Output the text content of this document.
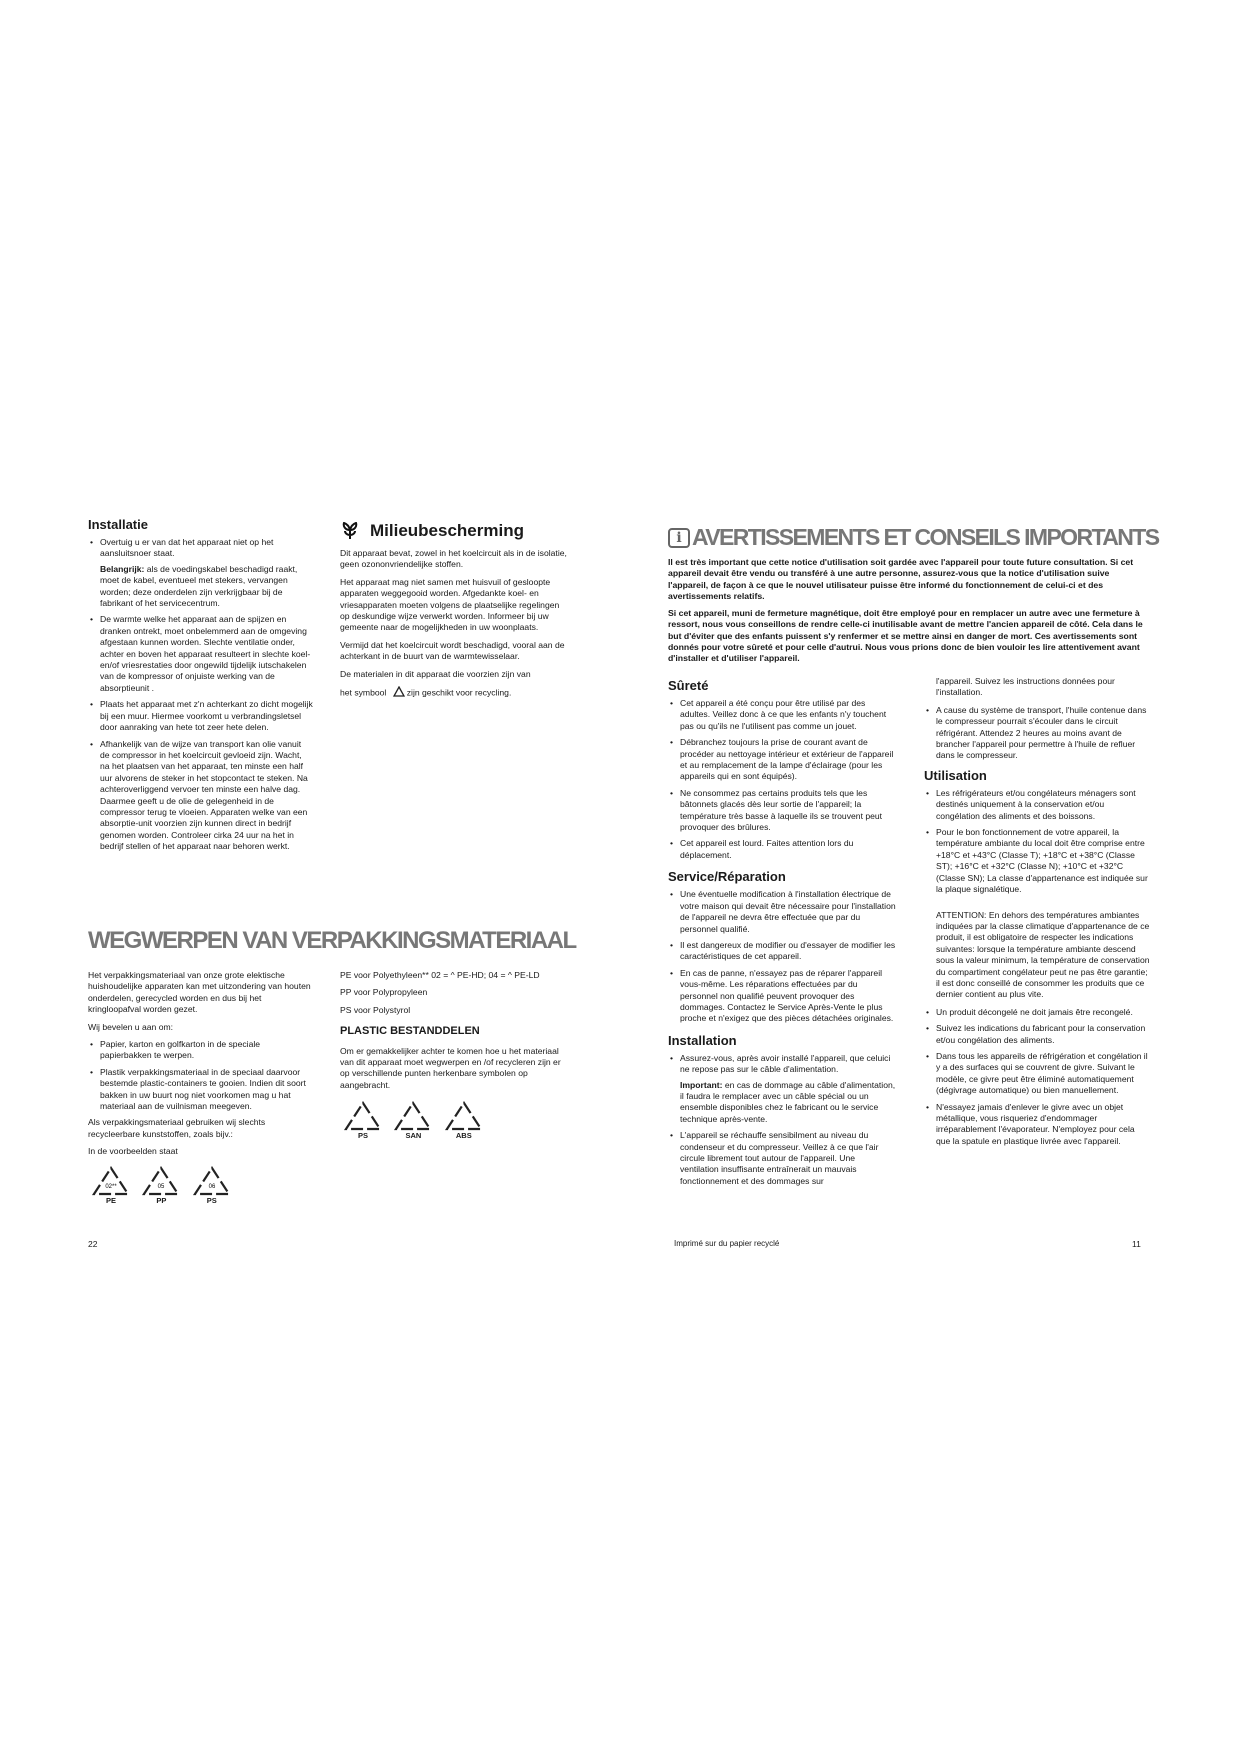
Installatie
• Overtuig u er van dat het apparaat niet op het aansluitsnoer staat.
Belangrijk: als de voedingskabel beschadigd raakt, moet de kabel, eventueel met stekers, vervangen worden; deze onderdelen zijn verkrijgbaar bij de fabrikant of het servicecentrum.
• De warmte welke het apparaat aan de spijzen en dranken ontrekt, moet onbelemmerd aan de omgeving afgestaan kunnen worden. Slechte ventilatie onder, achter en boven het apparaat resulteert in slechte koel-en/of vriesrestaties door ongewild tijdelijk iutschakelen van de kompressor of onjuiste werking van de absorptieunit .
• Plaats het apparaat met z'n achterkant zo dicht mogelijk bij een muur. Hiermee voorkomt u verbrandingsletsel door aanraking van hete tot zeer hete delen.
• Afhankelijk van de wijze van transport kan olie vanuit de compressor in het koelcircuit gevloeid zijn. Wacht, na het plaatsen van het apparaat, ten minste een half uur alvorens de steker in het stopcontact te steken. Na achteroverliggend vervoer ten minste een halve dag. Daarmee geeft u de olie de gelegenheid in de compressor terug te vloeien. Apparaten welke van een absorptie-unit voorzien zijn kunnen direct in bedrijf genomen worden. Controleer cirka 24 uur na het in bedrijf stellen of het apparaat naar behoren werkt.
Milieubescherming

Dit apparaat bevat, zowel in het koelcircuit als in de isolatie, geen ozononvriendelijke stoffen.

Het apparaat mag niet samen met huisvuil of gesloopte apparaten weggegooid worden. Afgedankte koel- en vriesapparaten moeten volgens de plaatselijke regelingen op deskundige wijze verwerkt worden. Informeer bij uw gemeente naar de mogelijkheden in uw woonplaats.

Vermijd dat het koelcircuit wordt beschadigd, vooral aan de achterkant in de buurt van de warmtewisselaar.

De materialen in dit apparaat die voorzien zijn van

het symbool zijn geschikt voor recycling.

WEGWERPEN VAN VERPAKKINGSMATERIAAL

Het verpakkingsmateriaal van onze grote elektische huishoudelijke apparaten kan met uitzondering van houten onderdelen, gerecycled worden en dus bij het kringloopafval worden gezet.

Wij bevelen u aan om:

• Papier, karton en golfkarton in de speciale papierbakken te werpen.
• Plastik verpakkingsmateriaal in de speciaal daarvoor bestemde plastic-containers te gooien. Indien dit soort bakken in uw buurt nog niet voorkomen mag u hat materiaal aan de vuilnisman meegeven.

Als verpakkingsmateriaal gebruiken wij slechts recycleerbare kunststoffen, zoals bijv.:

In de voorbeelden staat

02**
PE

05
PP

06
PS

PE voor Polyethyleen** 02 = ^ PE-HD; 04 = ^ PE-LD

PP voor Polypropyleen

PS voor Polystyrol

PLASTIC BESTANDDELEN

Om er gemakkelijker achter te komen hoe u het materiaal van dit apparaat moet wegwerpen en /of recycleren zijn er op verschillende punten herkenbare symbolen op aangebracht.

PS
	SAN
	ABS
22
i AVERTISSEMENTS ET CONSEILS IMPORTANTS

Il est très important que cette notice d'utilisation soit gardée avec l'appareil pour toute future consultation. Si cet appareil devait être vendu ou transféré à une autre personne, assurez-vous que la notice d'utilisation suive l'appareil, de façon à ce que le nouvel utilisateur puisse être informé du fonctionnement de celui-ci et des avertissements relatifs.

Si cet appareil, muni de fermeture magnétique, doit être employé pour en remplacer un autre avec une fermeture à ressort, nous vous conseillons de rendre celle-ci inutilisable avant de mettre l'ancien appareil de côté. Cela dans le but d'éviter que des enfants puissent s'y renfermer et se mettre ainsi en danger de mort. Ces avertissements sont donnés pour votre sûreté et pour celle d'autrui. Nous vous prions donc de bien vouloir les lire attentivement avant d'installer et d'utiliser l'appareil.

Sûreté
• Cet appareil a été conçu pour être utilisé par des adultes. Veillez donc à ce que les enfants n'y touchent pas ou qu'ils ne l'utilisent pas comme un jouet.
• Débranchez toujours la prise de courant avant de procéder au nettoyage intérieur et extérieur de l'appareil et au remplacement de la lampe d'éclairage (pour les appareils qui en sont équipés).
• Ne consommez pas certains produits tels que les bâtonnets glacés dès leur sortie de l'appareil; la température très basse à laquelle ils se trouvent peut provoquer des brûlures.
• Cet appareil est lourd. Faites attention lors du déplacement.
Service/Réparation
• Une éventuelle modification à l'installation électrique de votre maison qui devait être nécessaire pour l'installation de l'appareil ne devra être effectuée que par du personnel qualifié.
• Il est dangereux de modifier ou d'essayer de modifier les caractéristiques de cet appareil.
• En cas de panne, n'essayez pas de réparer l'appareil vous-même. Les réparations effectuées par du personnel non qualifié peuvent provoquer des dommages. Contactez le Service Après-Vente le plus proche et n'exigez que des pièces détachées originales.
Installation
• Assurez-vous, après avoir installé l'appareil, que celuici ne repose pas sur le câble d'alimentation.
Important: en cas de dommage au câble d'alimentation, il faudra le remplacer avec un câble spécial ou un ensemble disponibles chez le fabricant ou le service technique après-vente.
• L'appareil se réchauffe sensibilment au niveau du condenseur et du compresseur. Veillez à ce que l'air circule librement tout autour de l'appareil. Une ventilation insuffisante entraînerait un mauvais fonctionnement et des dommages sur

l'appareil. Suivez les instructions données pour l'installation.

• A cause du système de transport, l'huile contenue dans le compresseur pourrait s'écouler dans le circuit réfrigérant. Attendez 2 heures au moins avant de brancher l'appareil pour permettre à l'huile de refluer dans le compresseur.
Utilisation
• Les réfrigérateurs et/ou congélateurs ménagers sont destinés uniquement à la conservation et/ou congélation des aliments et des boissons.
• Pour le bon fonctionnement de votre appareil, la température ambiante du local doit être comprise entre +18°C et +43°C (Classe T); +18°C et +38°C (Classe ST); +16°C et +32°C (Classe N); +10°C et +32°C (Classe SN); La classe d'appartenance est indiquée sur la plaque signalétique.

ATTENTION: En dehors des températures ambiantes indiquées par la classe climatique d'appartenance de ce produit, il est obligatoire de respecter les indications suivantes: lorsque la température ambiante descend sous la valeur minimum, la température de conservation du compartiment congélateur peut ne pas être garantie; il est donc conseillé de consommer les produits que ce dernier contient au plus vite.

• Un produit décongelé ne doit jamais être recongelé.
• Suivez les indications du fabricant pour la conservation et/ou congélation des aliments.
• Dans tous les appareils de réfrigération et congélation il y a des surfaces qui se couvrent de givre. Suivant le modèle, ce givre peut être éliminé automatiquement (dégivrage automatique) ou bien manuellement.
• N'essayez jamais d'enlever le givre avec un objet métallique, vous risqueriez d'endommager irréparablement l'évaporateur. N'employez pour cela que la spatule en plastique livrée avec l'appareil.
Imprimé sur du papier recyclé	11
